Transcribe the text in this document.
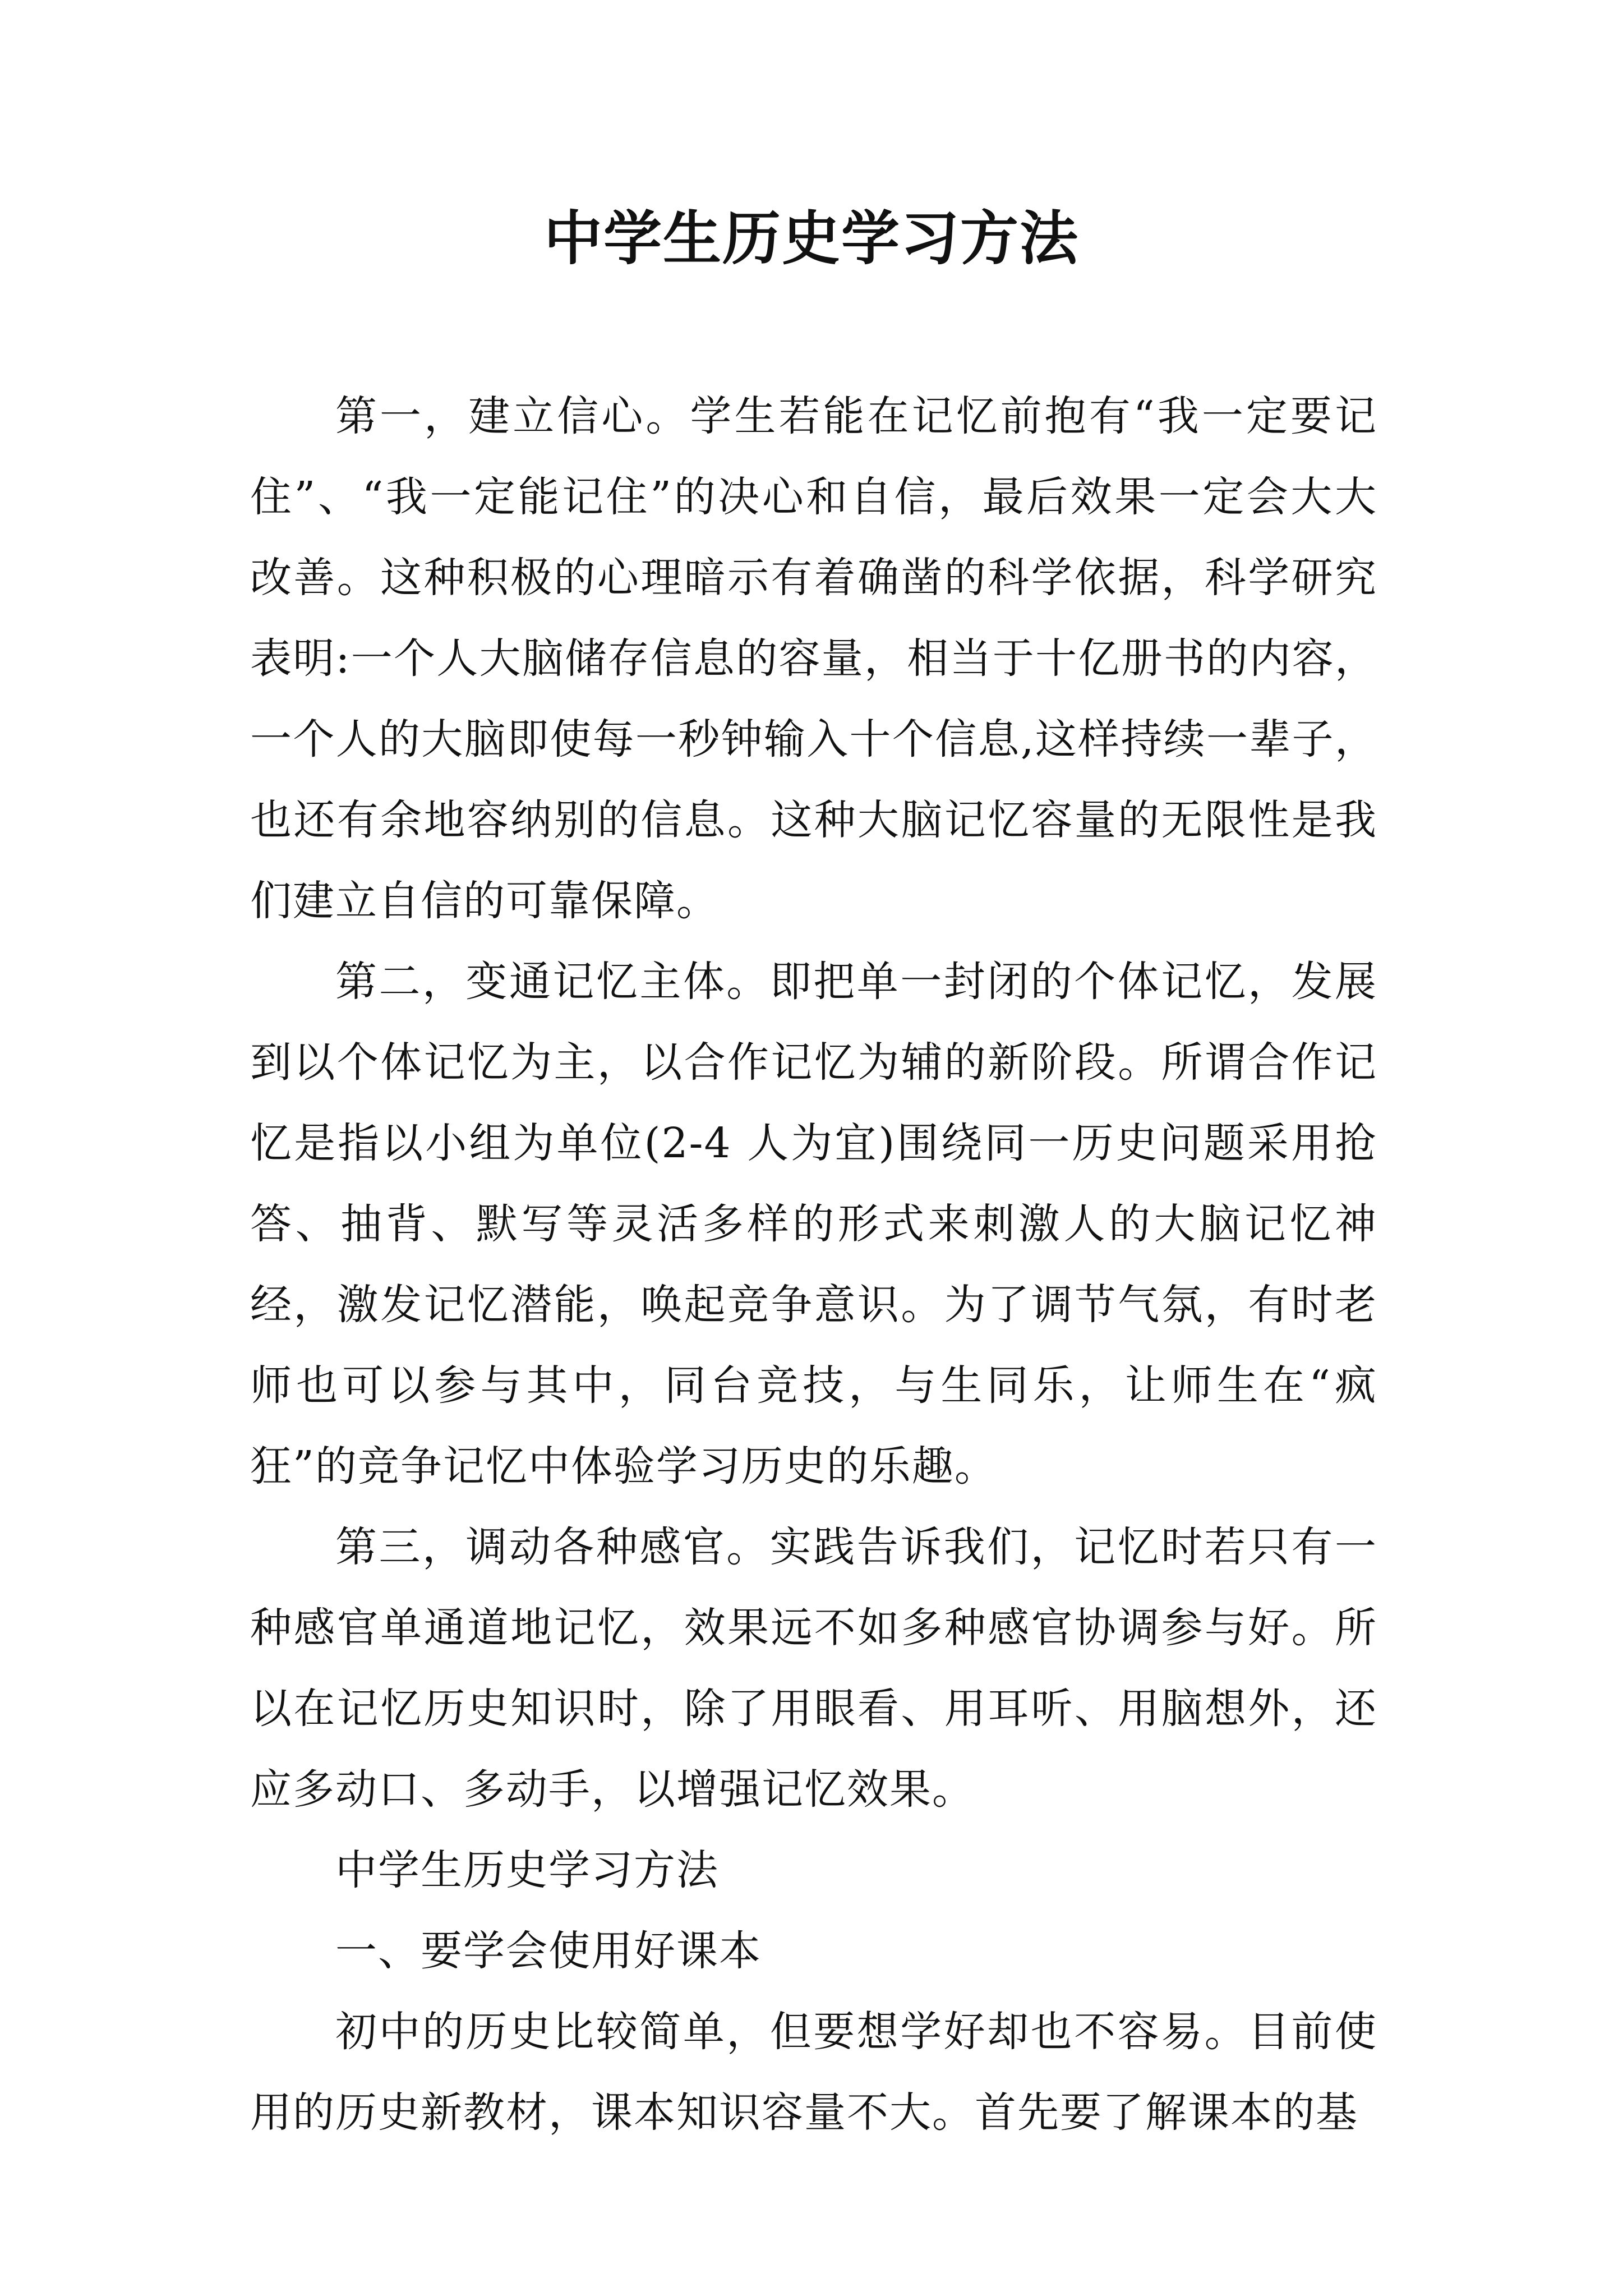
中学生历史学习方法

第一，建立信心。学生若能在记忆前抱有“我一定要记住”、“我一定能记住”的决心和自信，最后效果一定会大大改善。这种积极的心理暗示有着确凿的科学依据，科学研究表明:一个人大脑储存信息的容量，相当于十亿册书的内容，一个人的大脑即使每一秒钟输入十个信息,这样持续一辈子，也还有余地容纳别的信息。这种大脑记忆容量的无限性是我们建立自信的可靠保障。

第二，变通记忆主体。即把单一封闭的个体记忆，发展到以个体记忆为主，以合作记忆为辅的新阶段。所谓合作记忆是指以小组为单位(2-4 人为宜)围绕同一历史问题采用抢答、抽背、默写等灵活多样的形式来刺激人的大脑记忆神经，激发记忆潜能，唤起竞争意识。为了调节气氛，有时老师也可以参与其中，同台竞技，与生同乐，让师生在“疯狂”的竞争记忆中体验学习历史的乐趣。

第三，调动各种感官。实践告诉我们，记忆时若只有一种感官单通道地记忆，效果远不如多种感官协调参与好。所以在记忆历史知识时，除了用眼看、用耳听、用脑想外，还应多动口、多动手，以增强记忆效果。

中学生历史学习方法

一、要学会使用好课本

初中的历史比较简单，但要想学好却也不容易。目前使用的历史新教材，课本知识容量不大。首先要了解课本的基
